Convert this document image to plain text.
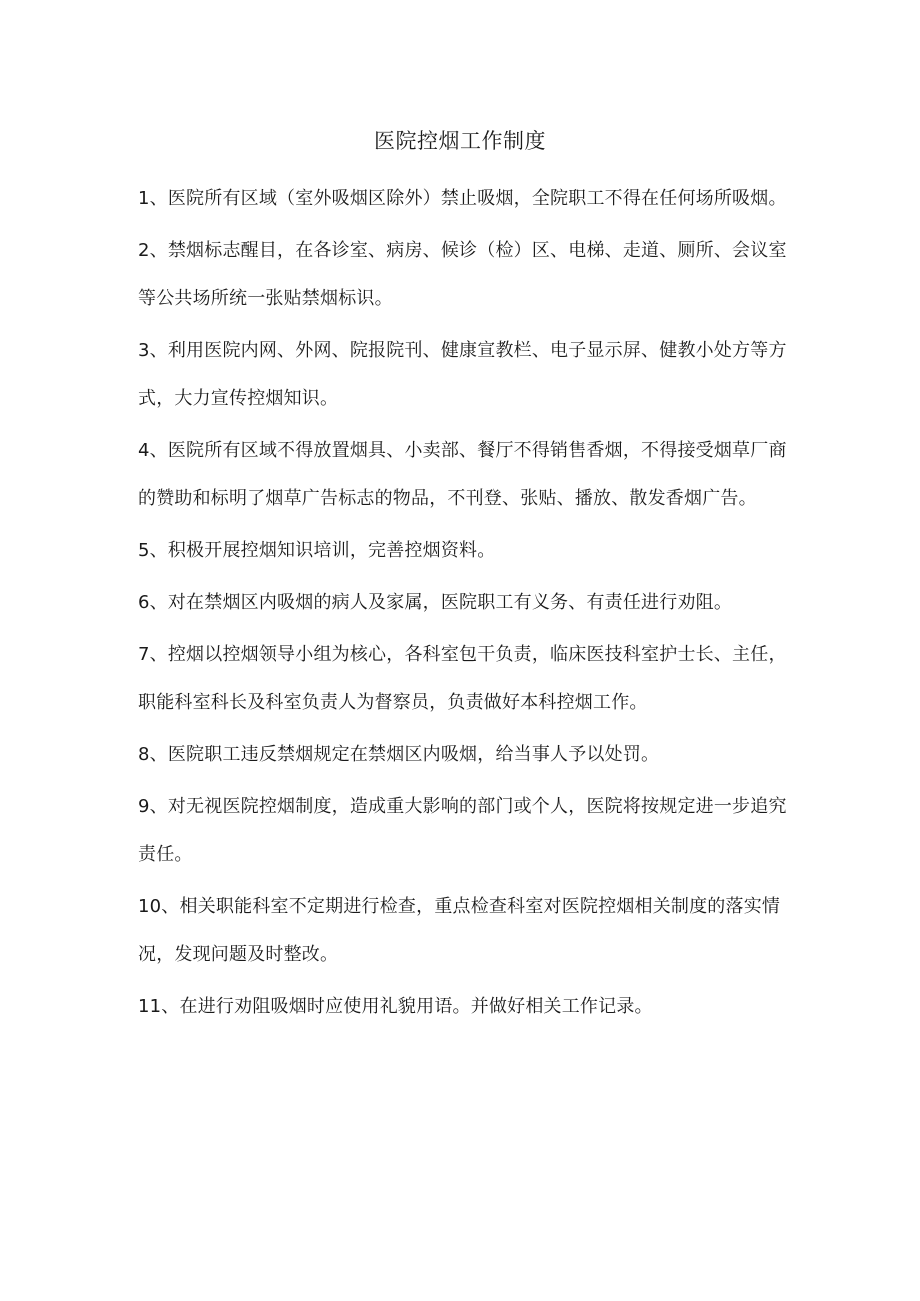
医院控烟工作制度
1、医院所有区域（室外吸烟区除外）禁止吸烟，全院职工不得在任何场所吸烟。
2、禁烟标志醒目，在各诊室、病房、候诊（检）区、电梯、走道、厕所、会议室等公共场所统一张贴禁烟标识。
3、利用医院内网、外网、院报院刊、健康宣教栏、电子显示屏、健教小处方等方式，大力宣传控烟知识。
4、医院所有区域不得放置烟具、小卖部、餐厅不得销售香烟，不得接受烟草厂商的赞助和标明了烟草广告标志的物品，不刊登、张贴、播放、散发香烟广告。
5、积极开展控烟知识培训，完善控烟资料。
6、对在禁烟区内吸烟的病人及家属，医院职工有义务、有责任进行劝阻。
7、控烟以控烟领导小组为核心，各科室包干负责，临床医技科室护士长、主任，职能科室科长及科室负责人为督察员，负责做好本科控烟工作。
8、医院职工违反禁烟规定在禁烟区内吸烟，给当事人予以处罚。
9、对无视医院控烟制度，造成重大影响的部门或个人，医院将按规定进一步追究责任。
10、相关职能科室不定期进行检查，重点检查科室对医院控烟相关制度的落实情况，发现问题及时整改。
11、在进行劝阻吸烟时应使用礼貌用语。并做好相关工作记录。
